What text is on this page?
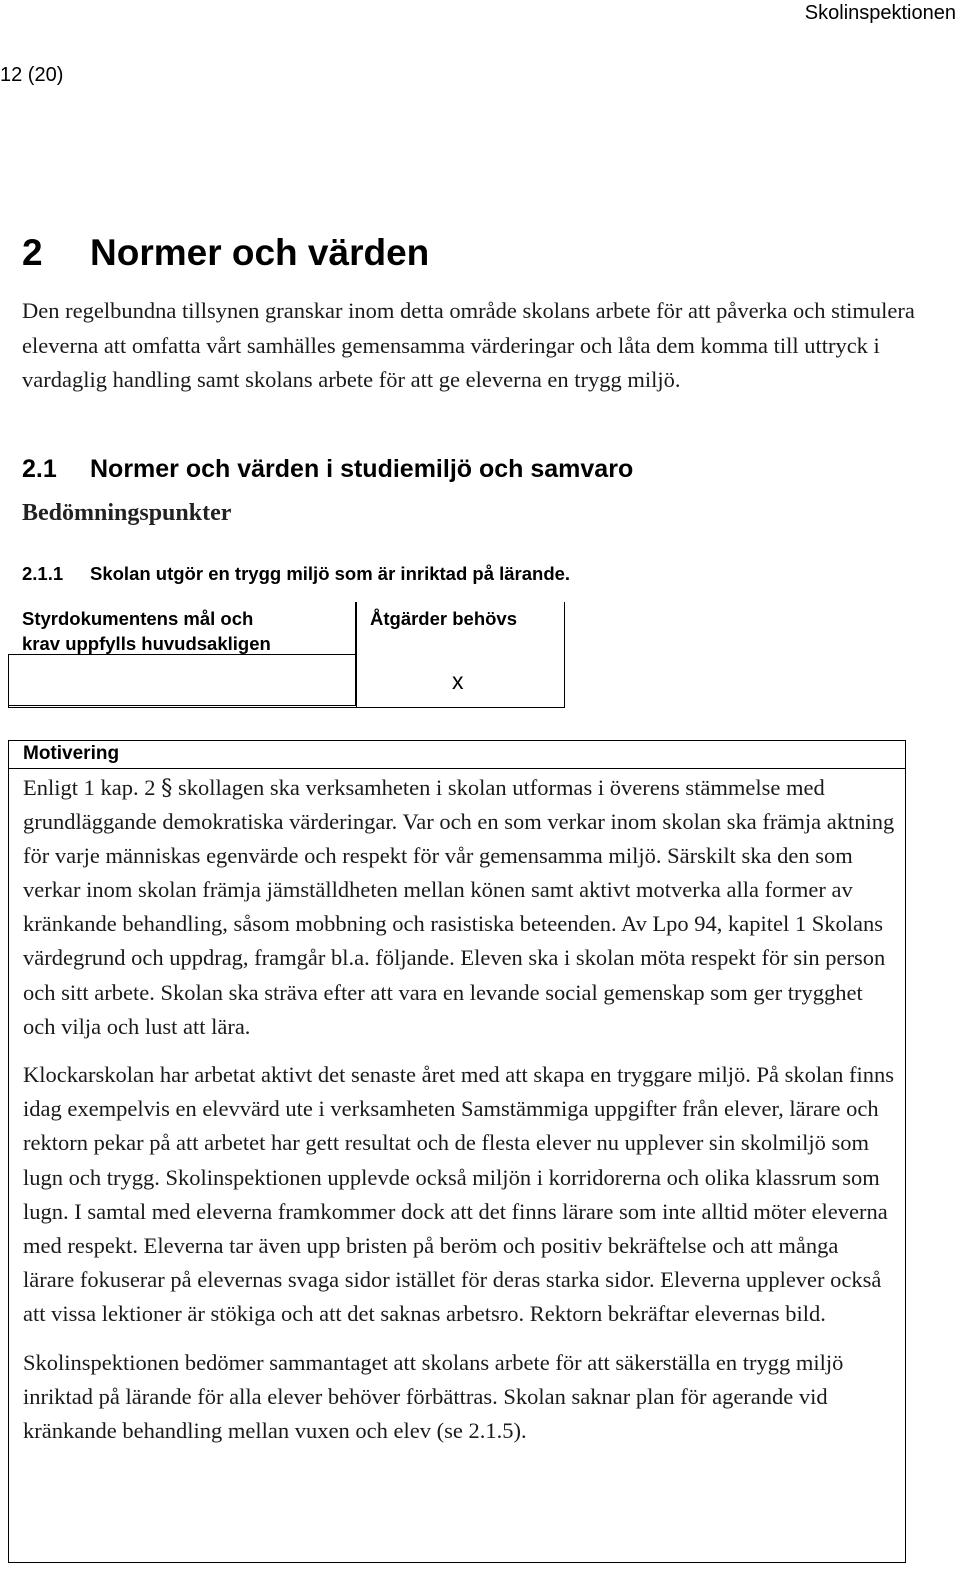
Skolinspektionen
12 (20)
2 Normer och värden

Den regelbundna tillsynen granskar inom detta område skolans arbete för att påverka och stimulera eleverna att omfatta vårt samhälles gemensamma värderingar och låta dem komma till uttryck i vardaglig handling samt skolans arbete för att ge eleverna en trygg miljö.

2.1 Normer och värden i studiemiljö och samvaro
Bedömningspunkter
2.1.1 Skolan utgör en trygg miljö som är inriktad på lärande.
Styrdokumentens mål och
krav uppfylls huvudsakligen
Åtgärder behövs
x
Motivering

Enligt 1 kap. 2 § skollagen ska verksamheten i skolan utformas i överens stämmelse med grundläggande demokratiska värderingar. Var och en som verkar inom skolan ska främja aktning för varje människas egenvärde och respekt för vår gemensamma miljö. Särskilt ska den som verkar inom skolan främja jämställdheten mellan könen samt aktivt motverka alla former av kränkande behandling, såsom mobbning och rasistiska beteenden. Av Lpo 94, kapitel 1 Skolans värdegrund och uppdrag, framgår bl.a. följande. Eleven ska i skolan möta respekt för sin person och sitt arbete. Skolan ska sträva efter att vara en levande social gemenskap som ger trygghet och vilja och lust att lära.

Klockarskolan har arbetat aktivt det senaste året med att skapa en tryggare miljö. På skolan finns idag exempelvis en elevvärd ute i verksamheten Samstämmiga uppgifter från elever, lärare och rektorn pekar på att arbetet har gett resultat och de flesta elever nu upplever sin skolmiljö som lugn och trygg. Skolinspektionen upplevde också miljön i korridorerna och olika klassrum som lugn. I samtal med eleverna framkommer dock att det finns lärare som inte alltid möter eleverna med respekt. Eleverna tar även upp bristen på beröm och positiv bekräftelse och att många lärare fokuserar på elevernas svaga sidor istället för deras starka sidor. Eleverna upplever också att vissa lektioner är stökiga och att det saknas arbetsro. Rektorn bekräftar elevernas bild.

Skolinspektionen bedömer sammantaget att skolans arbete för att säkerställa en trygg miljö inriktad på lärande för alla elever behöver förbättras. Skolan saknar plan för agerande vid kränkande behandling mellan vuxen och elev (se 2.1.5).
